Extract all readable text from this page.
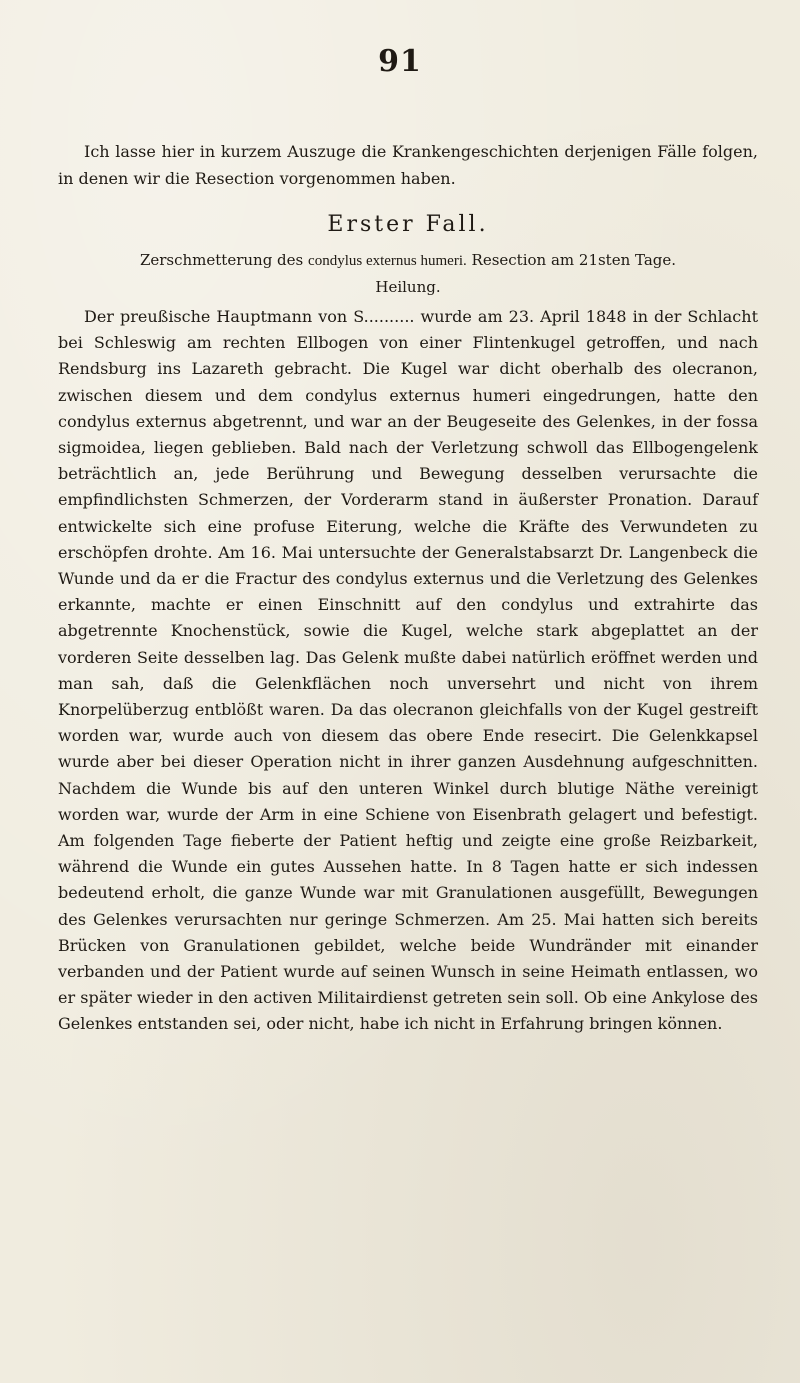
91

Ich lasse hier in kurzem Auszuge die Krankengeschichten derjenigen Fälle folgen, in denen wir die Resection vorgenommen haben.

Erster Fall.
Zerschmetterung des condylus externus humeri. Resection am 21sten Tage.
Heilung.

Der preußische Hauptmann von S.......... wurde am 23. April 1848 in der Schlacht bei Schleswig am rechten Ellbogen von einer Flintenkugel getroffen, und nach Rendsburg ins Lazareth gebracht. Die Kugel war dicht oberhalb des olecranon, zwischen diesem und dem condylus externus humeri eingedrungen, hatte den condylus externus abgetrennt, und war an der Beugeseite des Gelenkes, in der fossa sigmoidea, liegen geblieben. Bald nach der Verletzung schwoll das Ellbogengelenk beträchtlich an, jede Berührung und Bewegung desselben verursachte die empfindlichsten Schmerzen, der Vorderarm stand in äußerster Pronation. Darauf entwickelte sich eine profuse Eiterung, welche die Kräfte des Verwundeten zu erschöpfen drohte. Am 16. Mai untersuchte der Generalstabsarzt Dr. Langenbeck die Wunde und da er die Fractur des condylus externus und die Verletzung des Gelenkes erkannte, machte er einen Einschnitt auf den condylus und extrahirte das abgetrennte Knochenstück, sowie die Kugel, welche stark abgeplattet an der vorderen Seite desselben lag. Das Gelenk mußte dabei natürlich eröffnet werden und man sah, daß die Gelenkflächen noch unversehrt und nicht von ihrem Knorpelüberzug entblößt waren. Da das olecranon gleichfalls von der Kugel gestreift worden war, wurde auch von diesem das obere Ende resecirt. Die Gelenkkapsel wurde aber bei dieser Operation nicht in ihrer ganzen Ausdehnung aufgeschnitten. Nachdem die Wunde bis auf den unteren Winkel durch blutige Näthe vereinigt worden war, wurde der Arm in eine Schiene von Eisenbrath gelagert und befestigt. Am folgenden Tage fieberte der Patient heftig und zeigte eine große Reizbarkeit, während die Wunde ein gutes Aussehen hatte. In 8 Tagen hatte er sich indessen bedeutend erholt, die ganze Wunde war mit Granulationen ausgefüllt, Bewegungen des Gelenkes verursachten nur geringe Schmerzen. Am 25. Mai hatten sich bereits Brücken von Granulationen gebildet, welche beide Wundränder mit einander verbanden und der Patient wurde auf seinen Wunsch in seine Heimath entlassen, wo er später wieder in den activen Militairdienst getreten sein soll. Ob eine Ankylose des Gelenkes entstanden sei, oder nicht, habe ich nicht in Erfahrung bringen können.
